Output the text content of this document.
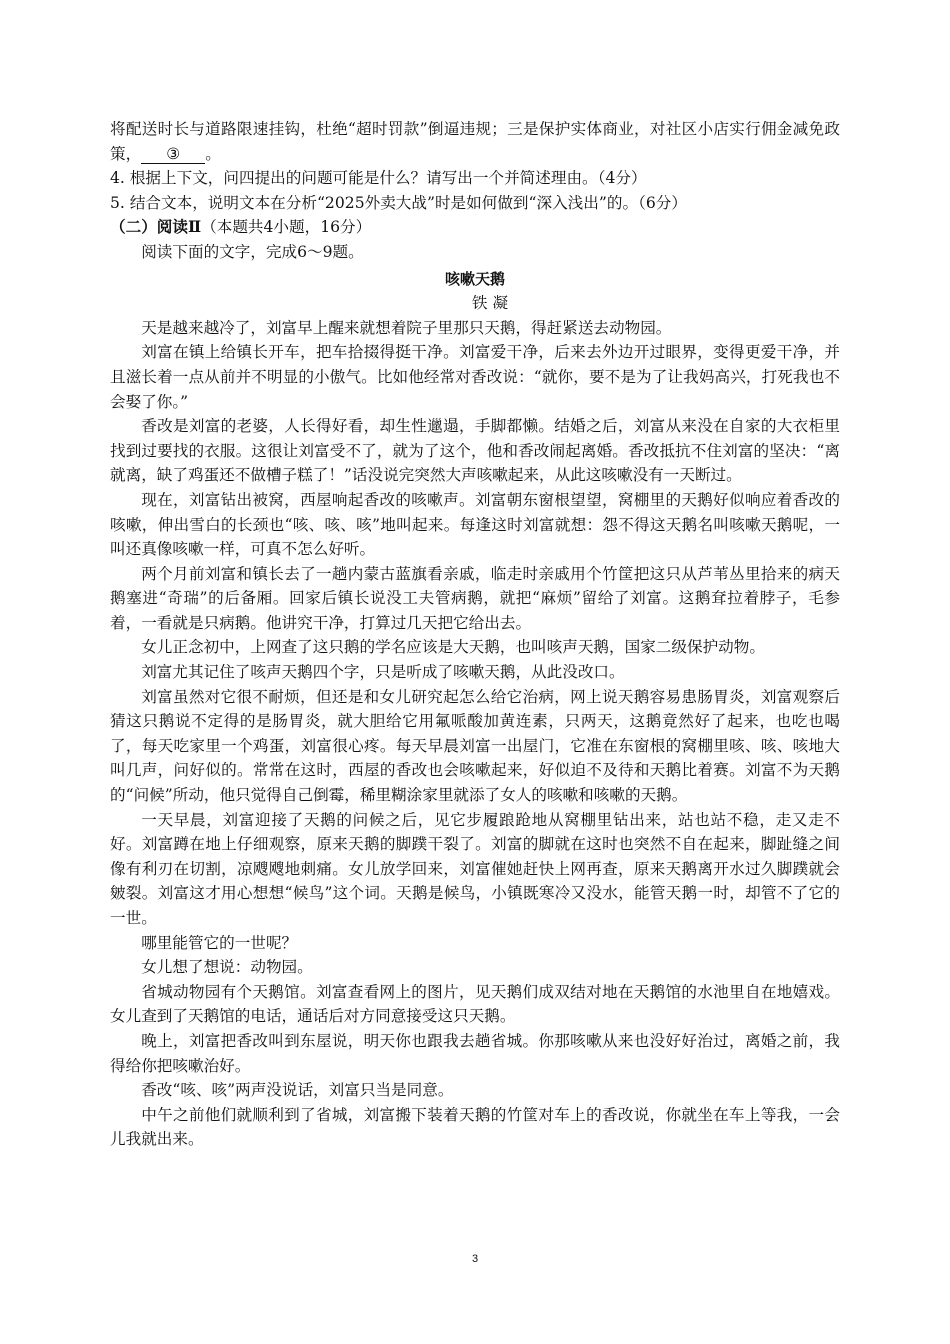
将配送时长与道路限速挂钩，杜绝“超时罚款”倒逼违规；三是保护实体商业，对社区小店实行佣金减免政策， ③ 。

4. 根据上下文，问四提出的问题可能是什么？请写出一个并简述理由。（4分）

5. 结合文本，说明文本在分析“2025外卖大战”时是如何做到“深入浅出”的。（6分）

（二）阅读Ⅱ（本题共4小题，16分）

阅读下面的文字，完成6～9题。

咳嗽天鹅

铁 凝

天是越来越冷了，刘富早上醒来就想着院子里那只天鹅，得赶紧送去动物园。

刘富在镇上给镇长开车，把车拾掇得挺干净。刘富爱干净，后来去外边开过眼界，变得更爱干净，并且滋长着一点从前并不明显的小傲气。比如他经常对香改说：“就你，要不是为了让我妈高兴，打死我也不会娶了你。”

香改是刘富的老婆，人长得好看，却生性邋遢，手脚都懒。结婚之后，刘富从来没在自家的大衣柜里找到过要找的衣服。这很让刘富受不了，就为了这个，他和香改闹起离婚。香改抵抗不住刘富的坚决：“离就离，缺了鸡蛋还不做槽子糕了！”话没说完突然大声咳嗽起来，从此这咳嗽没有一天断过。

现在，刘富钻出被窝，西屋响起香改的咳嗽声。刘富朝东窗根望望，窝棚里的天鹅好似响应着香改的咳嗽，伸出雪白的长颈也“咳、咳、咳”地叫起来。每逢这时刘富就想：怨不得这天鹅名叫咳嗽天鹅呢，一叫还真像咳嗽一样，可真不怎么好听。

两个月前刘富和镇长去了一趟内蒙古蓝旗看亲戚，临走时亲戚用个竹筐把这只从芦苇丛里拾来的病天鹅塞进“奇瑞”的后备厢。回家后镇长说没工夫管病鹅，就把“麻烦”留给了刘富。这鹅耷拉着脖子，毛参着，一看就是只病鹅。他讲究干净，打算过几天把它给出去。

女儿正念初中，上网查了这只鹅的学名应该是大天鹅，也叫咳声天鹅，国家二级保护动物。

刘富尤其记住了咳声天鹅四个字，只是听成了咳嗽天鹅，从此没改口。

刘富虽然对它很不耐烦，但还是和女儿研究起怎么给它治病，网上说天鹅容易患肠胃炎，刘富观察后猜这只鹅说不定得的是肠胃炎，就大胆给它用氟哌酸加黄连素，只两天，这鹅竟然好了起来，也吃也喝了，每天吃家里一个鸡蛋，刘富很心疼。每天早晨刘富一出屋门，它准在东窗根的窝棚里咳、咳、咳地大叫几声，问好似的。常常在这时，西屋的香改也会咳嗽起来，好似迫不及待和天鹅比着赛。刘富不为天鹅的“问候”所动，他只觉得自己倒霉，稀里糊涂家里就添了女人的咳嗽和咳嗽的天鹅。

一天早晨，刘富迎接了天鹅的问候之后，见它步履踉跄地从窝棚里钻出来，站也站不稳，走又走不好。刘富蹲在地上仔细观察，原来天鹅的脚蹼干裂了。刘富的脚就在这时也突然不自在起来，脚趾缝之间像有利刃在切割，凉飕飕地刺痛。女儿放学回来，刘富催她赶快上网再查，原来天鹅离开水过久脚蹼就会皴裂。刘富这才用心想想“候鸟”这个词。天鹅是候鸟，小镇既寒冷又没水，能管天鹅一时，却管不了它的一世。

哪里能管它的一世呢？

女儿想了想说：动物园。

省城动物园有个天鹅馆。刘富查看网上的图片，见天鹅们成双结对地在天鹅馆的水池里自在地嬉戏。女儿查到了天鹅馆的电话，通话后对方同意接受这只天鹅。

晚上，刘富把香改叫到东屋说，明天你也跟我去趟省城。你那咳嗽从来也没好好治过，离婚之前，我得给你把咳嗽治好。

香改“咳、咳”两声没说话，刘富只当是同意。

中午之前他们就顺利到了省城，刘富搬下装着天鹅的竹筐对车上的香改说，你就坐在车上等我，一会儿我就出来。

3
